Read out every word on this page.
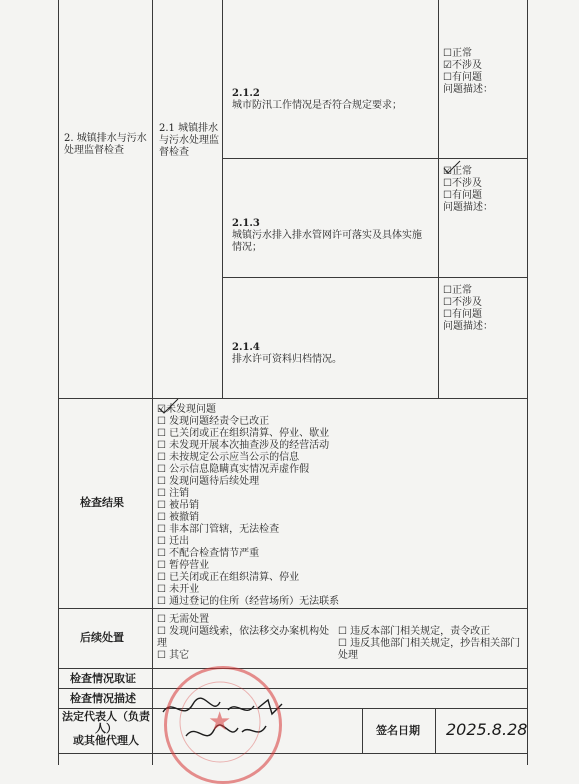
2. 城镇排水与污水处理监督检查
2.1 城镇排水与污水处理监督检查

2.1.2
城市防汛工作情况是否符合规定要求；

☐正常
☑不涉及
☐有问题
问题描述：

2.1.3
城镇污水排入排水管网许可落实及具体实施情况；

☑正常
☐不涉及
☐有问题
问题描述：

2.1.4
排水许可资料归档情况。

☐正常
☐不涉及
☐有问题
问题描述：
检查结果
☑未发现问题
☐ 发现问题经责令已改正
☐ 已关闭或正在组织清算、停业、歇业
☐ 未发现开展本次抽查涉及的经营活动
☐ 未按规定公示应当公示的信息
☐ 公示信息隐瞒真实情况弄虚作假
☐ 发现问题待后续处理
☐ 注销
☐ 被吊销
☐ 被撤销
☐ 非本部门管辖，无法检查
☐ 迁出
☐ 不配合检查情节严重
☐ 暂停营业
☐ 已关闭或正在组织清算、停业
☐ 未开业
☐ 通过登记的住所（经营场所）无法联系
后续处置
☐ 无需处置
☐ 发现问题线索，依法移交办案机构处理
☐ 其它
☐ 违反本部门相关规定，责令改正
☐ 违反其他部门相关规定，抄告相关部门处理
检查情况取证
检查情况描述
法定代表人（负责人）
或其他代理人
签名日期 2025.8.28
★
